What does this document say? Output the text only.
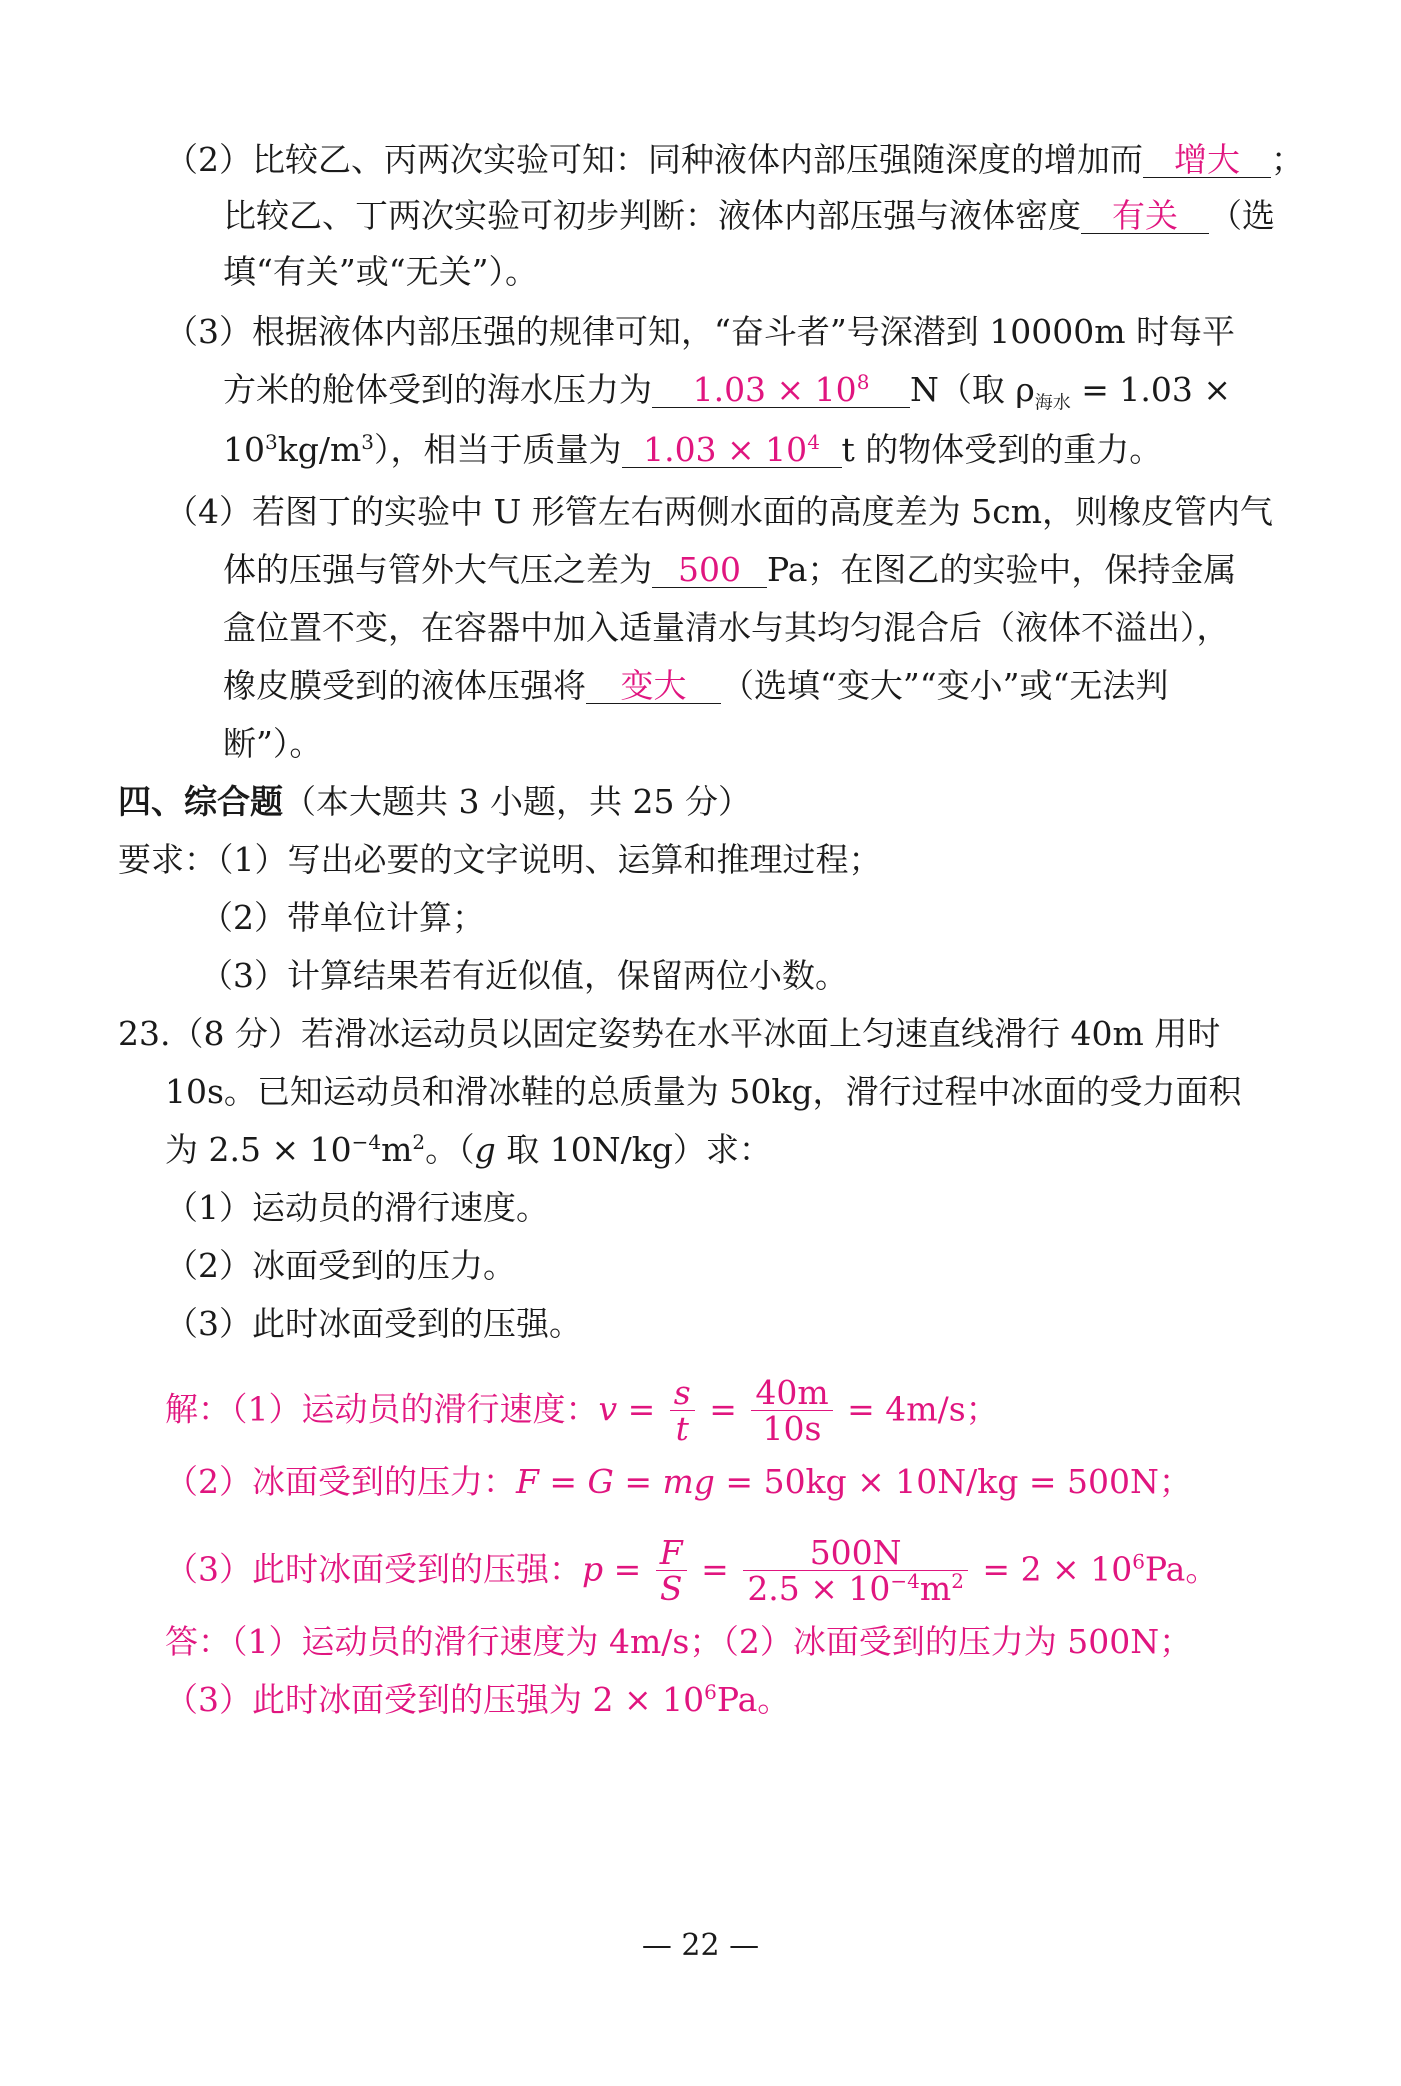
（2）比较乙、丙两次实验可知：同种液体内部压强随深度的增加而 增大 ；
比较乙、丁两次实验可初步判断：液体内部压强与液体密度 有关 （选
填“有关”或“无关”）。
（3）根据液体内部压强的规律可知，“奋斗者”号深潜到 10000m 时每平
方米的舱体受到的海水压力为 $1.03 \times 10^8$ N（取 $\rho_{海水} = 1.03$ ×
$10^3kg/m^3$），相当于质量为 $1.03 \times 10^4$ t 的物体受到的重力。
（4）若图丁的实验中 U 形管左右两侧水面的高度差为 5cm，则橡皮管内气
体的压强与管外大气压之差为 500 Pa；在图乙的实验中，保持金属
盒位置不变，在容器中加入适量清水与其均匀混合后（液体不溢出），
橡皮膜受到的液体压强将 变大 （选填“变大”“变小”或“无法判
断”）。
四、综合题（本大题共 3 小题，共 25 分）
要求：（1）写出必要的文字说明、运算和推理过程；
（2）带单位计算；
（3）计算结果若有近似值，保留两位小数。
23.（8 分）若滑冰运动员以固定姿势在水平冰面上匀速直线滑行 40m 用时
10s。已知运动员和滑冰鞋的总质量为 50kg，滑行过程中冰面的受力面积
为 $2.5 \times 10^{-4}m^2$。（g 取 10N/kg）求：
（1）运动员的滑行速度。
（2）冰面受到的压力。
（3）此时冰面受到的压强。
解：（1）运动员的滑行速度：$v = \frac{s}{t} = \frac{40m}{10s} = 4m/s$；
（2）冰面受到的压力：F = G = mg = 50kg × 10N/kg = 500N；
（3）此时冰面受到的压强：$p = \frac{F}{S} = \frac{500N}{2.5 \times 10^{-4}m^2} = 2 \times 10^6Pa$。
答：（1）运动员的滑行速度为 4m/s；（2）冰面受到的压力为 500N；
（3）此时冰面受到的压强为 $2 \times 10^6Pa$。
— 22 —
